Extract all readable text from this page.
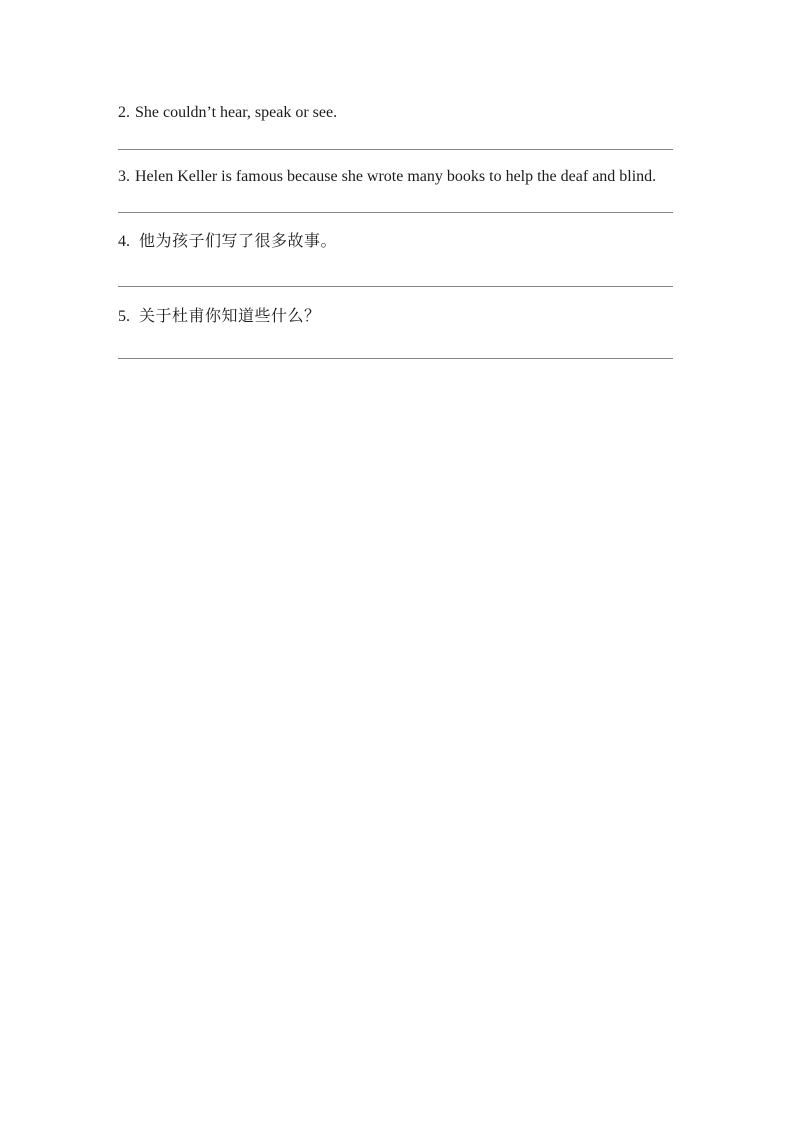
2. She couldn’t hear, speak or see.

3. Helen Keller is famous because she wrote many books to help the deaf and blind.

4. 他为孩子们写了很多故事。

5. 关于杜甫你知道些什么？
